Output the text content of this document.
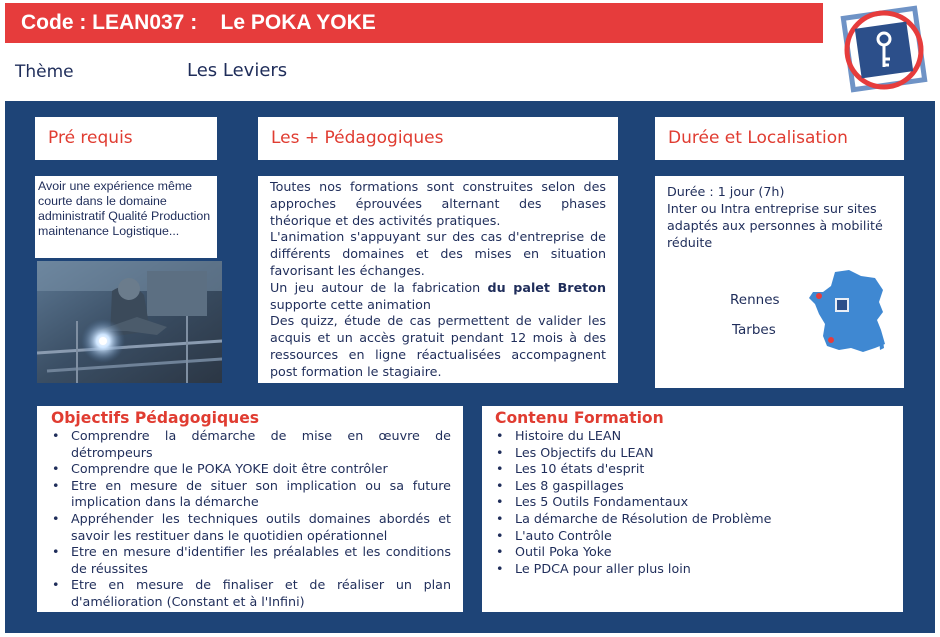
Code : LEAN037 : Le POKA YOKE
Thème	Les Leviers
Pré requis	Les + Pédagogiques	Durée et Localisation
Avoir une expérience même courte dans le domaine administratif Qualité Production maintenance Logistique...

Toutes nos formations sont construites selon des approches éprouvées alternant des phases théorique et des activités pratiques.

L'animation s'appuyant sur des cas d'entreprise de différents domaines et des mises en situation favorisant les échanges.

Un jeu autour de la fabrication du palet Breton supporte cette animation

Des quizz, étude de cas permettent de valider les acquis et un accès gratuit pendant 12 mois à des ressources en ligne réactualisées accompagnent post formation le stagiaire.

Durée : 1 jour (7h)
Inter ou Intra entreprise sur sites adaptés aux personnes à mobilité réduite
Rennes
Tarbes
Objectifs Pédagogiques
• Comprendre la démarche de mise en œuvre de détrompeurs
• Comprendre que le POKA YOKE doit être contrôler
• Etre en mesure de situer son implication ou sa future implication dans la démarche
• Appréhender les techniques outils domaines abordés et savoir les restituer dans le quotidien opérationnel
• Etre en mesure d'identifier les préalables et les conditions de réussites
• Etre en mesure de finaliser et de réaliser un plan d'amélioration (Constant et à l'Infini)
Contenu Formation
• Histoire du LEAN
• Les Objectifs du LEAN
• Les 10 états d'esprit
• Les 8 gaspillages
• Les 5 Outils Fondamentaux
• La démarche de Résolution de Problème
• L'auto Contrôle
• Outil Poka Yoke
• Le PDCA pour aller plus loin
